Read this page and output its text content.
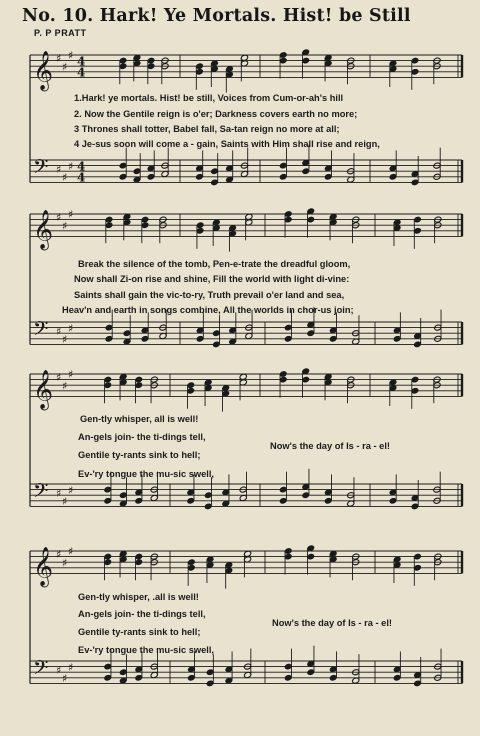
No. 10. Hark! Ye Mortals. Hist! be Still
P. P PRATT
1.Hark! ye mortals. Hist! be still, Voices from Cum-or-ah's hill
2. Now the Gentile reign is o'er; Darkness covers earth no more;
3 Thrones shall totter, Babel fall, Sa-tan reign no more at all;
4 Je-sus soon will come a - gain, Saints with Him shall rise and reign,
Break the silence of the tomb, Pen-e-trate the dreadful gloom,
Now shall Zi-on rise and shine, Fill the world with light di-vine:
Saints shall gain the vic-to-ry, Truth prevail o'er land and sea,
Heav'n and earth in songs combine, All the worlds in chor-us join;
Gen-tly whisper, all is well!
An-gels join- the ti-dings tell,
Gentile ty-rants sink to hell;
Ev-'ry tongue the mu-sic swell,
Now's the day of Is - ra - el!
Gen-tly whisper, .all is well!
An-gels join- the ti-dings tell,
Gentile ty-rants sink to hell;
Ev-'ry tongue the mu-sic swell,
Now's the day of Is - ra - el!
𝄞 ♯
♯
♯ 4
4
𝄢 ♯
♯
♯ 4
4
𝄞 ♯
♯
♯
𝄢 ♯
♯
♯
𝄞 ♯
♯
♯
𝄢 ♯
♯
♯
𝄞 ♯
♯
♯
𝄢 ♯
♯
♯
